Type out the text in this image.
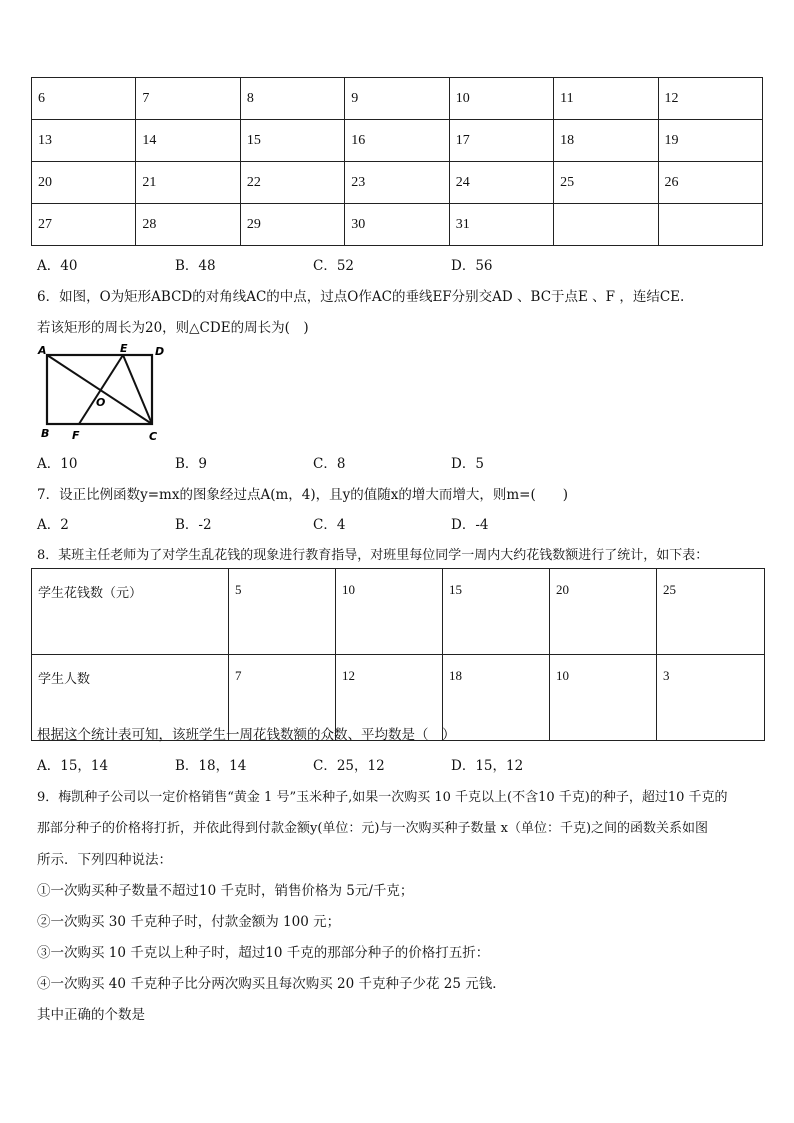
6	7	8	9	10	11	12
13	14	15	16	17	18	19
20	21	22	23	24	25	26
27	28	29	30	31		
A．40	B．48	C．52	D．56
6．如图，O为矩形ABCD的对角线AC的中点，过点O作AC的垂线EF分别交AD 、BC于点E 、F ，连结CE.
若该矩形的周长为20，则△CDE的周长为(　)
A	E D
O
B F	C
A．10	B．9	C．8	D．5
7．设正比例函数y=mx的图象经过点A(m，4)，且y的值随x的增大而增大，则m=(　　)
A．2	B．-2	C．4	D．-4
8．某班主任老师为了对学生乱花钱的现象进行教育指导，对班里每位同学一周内大约花钱数额进行了统计，如下表：
学生花钱数（元）	5	10	15	20	25
学生人数	7	12	18	10	3
根据这个统计表可知，该班学生一周花钱数额的众数、平均数是（　）
A．15，14	B．18，14	C．25，12	D．15，12
9．梅凯种子公司以一定价格销售“黄金 1 号”玉米种子,如果一次购买 10 千克以上(不含10 千克)的种子，超过10 千克的
那部分种子的价格将打折，并依此得到付款金额y(单位：元)与一次购买种子数量 x（单位：千克)之间的函数关系如图
所示．下列四种说法：
①一次购买种子数量不超过10 千克时，销售价格为 5元/千克；
②一次购买 30 千克种子时，付款金额为 100 元；
③一次购买 10 千克以上种子时，超过10 千克的那部分种子的价格打五折：
④一次购买 40 千克种子比分两次购买且每次购买 20 千克种子少花 25 元钱．
其中正确的个数是
